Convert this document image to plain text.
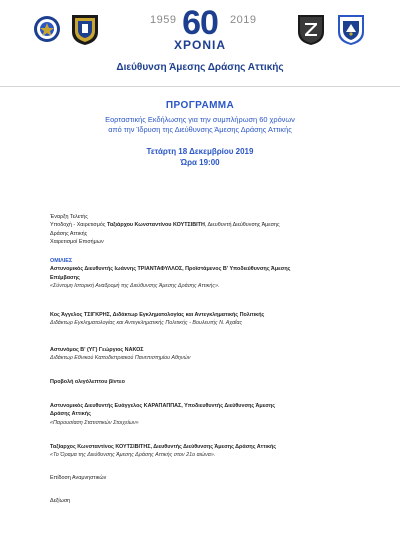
1959 60
ΧΡΟΝΙΑ
2019
Διεύθυνση Άμεσης Δράσης Αττικής
ΠΡΟΓΡΑΜΜΑ
Εορταστικής Εκδήλωσης για την συμπλήρωση 60 χρόνων
από την Ίδρυση της Διεύθυνσης Άμεσης Δράσης Αττικής
Τετάρτη 18 Δεκεμβρίου 2019
Ώρα 19:00
Έναρξη Τελετής
Υποδοχή - Χαιρετισμός Ταξιάρχου Κωνσταντίνου ΚΟΥΤΣΙΒΙΤΗ, Διευθυντή Διεύθυνσης Άμεσης
Δράσης Αττικής
Χαιρετισμοί Επισήμων
ΟΜΙΛΙΕΣ
Αστυνομικός Διευθυντής Ιωάννης ΤΡΙΑΝΤΑΦΥΛΛΟΣ, Προϊστάμενος Β' Υποδιεύθυνσης Άμεσης
Επέμβασης
«Σύντομη Ιστορική Αναδρομή της Διεύθυνσης Άμεσης Δράσης Αττικής».
Κος Άγγελος ΤΣΙΓΚΡΗΣ, Διδάκτωρ Εγκληματολογίας και Αντεγκληματικής Πολιτικής
Διδάκτωρ Εγκληματολογίας και Αντεγκληματικής Πολιτικής - Βουλευτής Ν. Αχαΐας
Αστυνόμος Β' (ΥΓ) Γεώργιος ΝΑΚΟΣ
Διδάκτωρ Εθνικού Καποδιστριακού Πανεπιστημίου Αθηνών
Προβολή ολιγόλεπτου βίντεο
Αστυνομικός Διευθυντής Ευάγγελος ΚΑΡΑΠΑΠΠΑΣ, Υποδιευθυντής Διεύθυνσης Άμεσης
Δράσης Αττικής
«Παρουσίαση Στατιστικών Στοιχείων»
Ταξίαρχος Κωνσταντίνος ΚΟΥΤΣΙΒΙΤΗΣ, Διευθυντής Διεύθυνσης Άμεσης Δράσης Αττικής
«Το Όραμα της Διεύθυνσης Άμεσης Δράσης Αττικής στον 21ο αιώνα».
Επίδοση Αναμνηστικών
Δεξίωση
